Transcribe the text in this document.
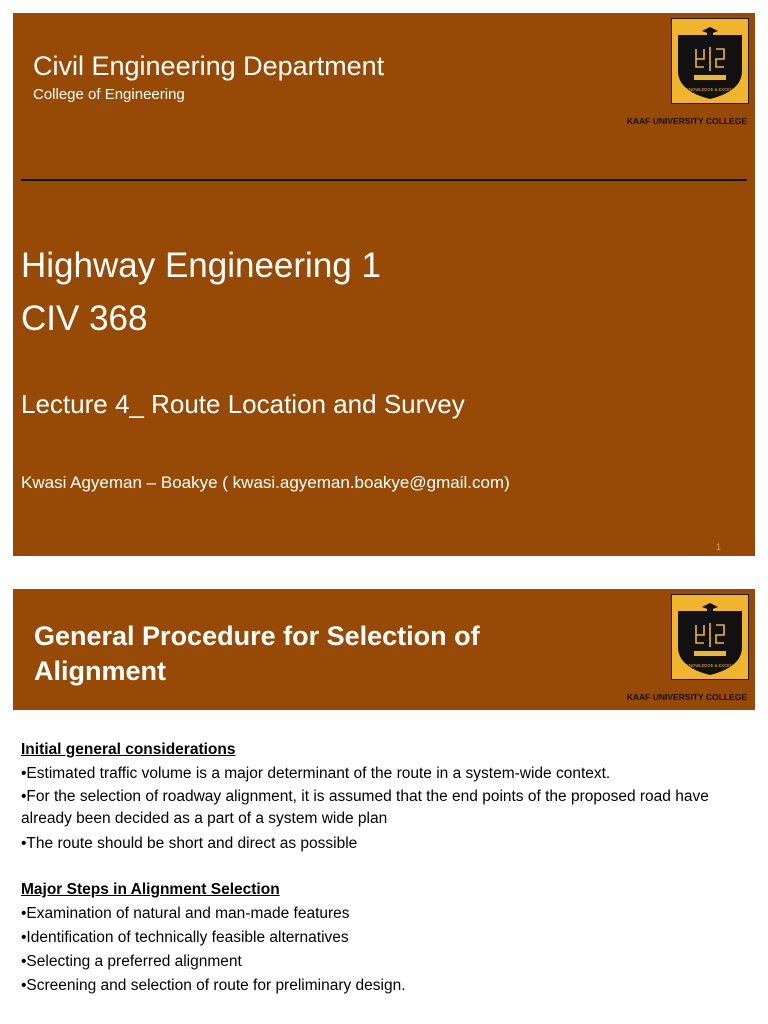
Civil Engineering Department
College of Engineering	SEEK KNOWLEDGE & EXCELLENCE
KAAF UNIVERSITY COLLEGE
Highway Engineering 1
CIV 368
Lecture 4_ Route Location and Survey
Kwasi Agyeman – Boakye ( kwasi.agyeman.boakye@gmail.com)
1
General Procedure for Selection of Alignment	SEEK KNOWLEDGE & EXCELLENCE
KAAF UNIVERSITY COLLEGE
Initial general considerations
•Estimated traffic volume is a major determinant of the route in a system-wide context.
•For the selection of roadway alignment, it is assumed that the end points of the proposed road have already been decided as a part of a system wide plan
•The route should be short and direct as possible
Major Steps in Alignment Selection
•Examination of natural and man-made features
•Identification of technically feasible alternatives
•Selecting a preferred alignment
•Screening and selection of route for preliminary design.
